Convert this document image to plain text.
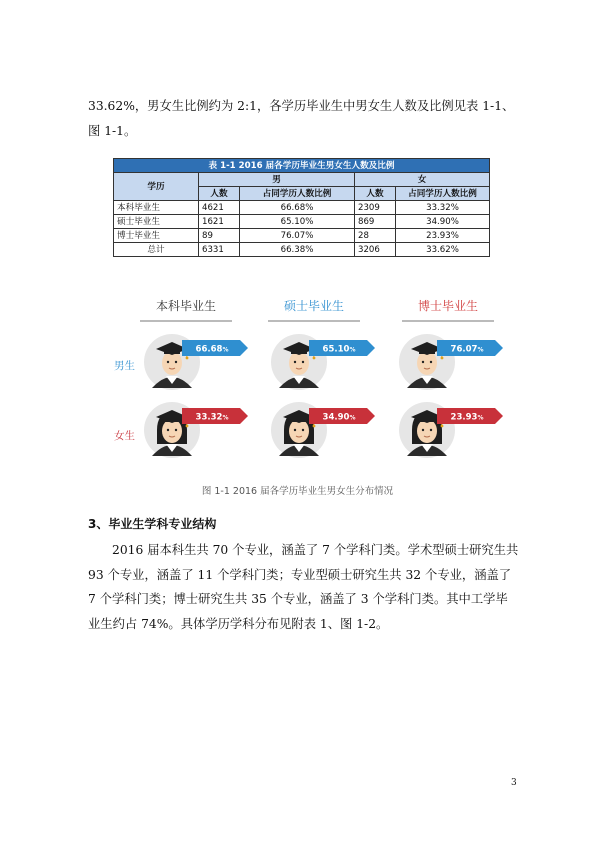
33.62%，男女生比例约为 2:1，各学历毕业生中男女生人数及比例见表 1-1、图 1-1。

表 1-1 2016 届各学历毕业生男女生人数及比例				
学历	男		女	
	人数	占同学历人数比例	人数	占同学历人数比例
本科毕业生	4621	66.68%	2309	33.32%
硕士毕业生	1621	65.10%	869	34.90%
博士毕业生	89	76.07%	28	23.93%
总计	6331	66.38%	3206	33.62%
本科毕业生	硕士毕业生	博士毕业生
男生
女生
66.68%	65.10%	76.07%
33.32%	34.90%	23.93%
图 1-1 2016 届各学历毕业生男女生分布情况
3、毕业生学科专业结构

2016 届本科生共 70 个专业，涵盖了 7 个学科门类。学术型硕士研究生共 93 个专业，涵盖了 11 个学科门类；专业型硕士研究生共 32 个专业，涵盖了 7 个学科门类；博士研究生共 35 个专业，涵盖了 3 个学科门类。其中工学毕业生约占 74%。具体学历学科分布见附表 1、图 1-2。

3
